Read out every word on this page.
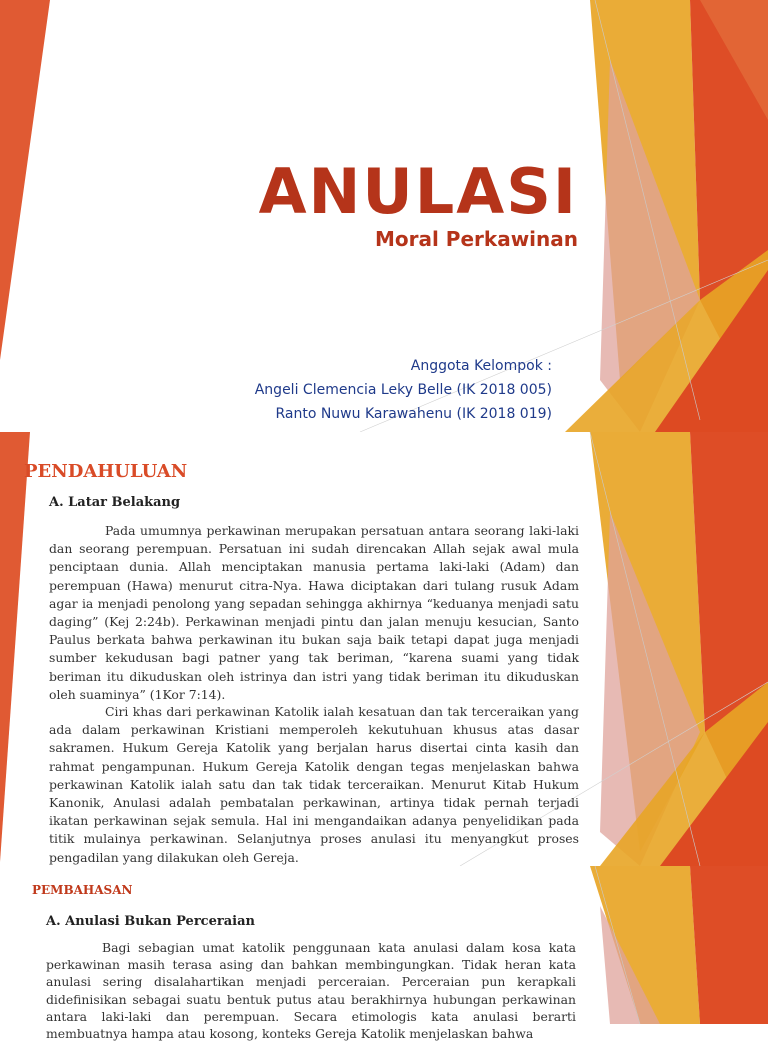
ANULASI
Moral Perkawinan
Anggota Kelompok :
Angeli Clemencia Leky Belle (IK 2018 005)
Ranto Nuwu Karawahenu (IK 2018 019)
PENDAHULUAN
A. Latar Belakang

Pada umumnya perkawinan merupakan persatuan antara seorang laki-laki dan seorang perempuan. Persatuan ini sudah direncakan Allah sejak awal mula penciptaan dunia. Allah menciptakan manusia pertama laki-laki (Adam) dan perempuan (Hawa) menurut citra-Nya. Hawa diciptakan dari tulang rusuk Adam agar ia menjadi penolong yang sepadan sehingga akhirnya “keduanya menjadi satu daging” (Kej 2:24b). Perkawinan menjadi pintu dan jalan menuju kesucian, Santo Paulus berkata bahwa perkawinan itu bukan saja baik tetapi dapat juga menjadi sumber kekudusan bagi patner yang tak beriman, “karena suami yang tidak beriman itu dikuduskan oleh istrinya dan istri yang tidak beriman itu dikuduskan oleh suaminya” (1Kor 7:14).

Ciri khas dari perkawinan Katolik ialah kesatuan dan tak terceraikan yang ada dalam perkawinan Kristiani memperoleh kekutuhuan khusus atas dasar sakramen. Hukum Gereja Katolik yang berjalan harus disertai cinta kasih dan rahmat pengampunan. Hukum Gereja Katolik dengan tegas menjelaskan bahwa perkawinan Katolik ialah satu dan tak tidak terceraikan. Menurut Kitab Hukum Kanonik, Anulasi adalah pembatalan perkawinan, artinya tidak pernah terjadi ikatan perkawinan sejak semula. Hal ini mengandaikan adanya penyelidikan pada titik mulainya perkawinan. Selanjutnya proses anulasi itu menyangkut proses pengadilan yang dilakukan oleh Gereja.

PEMBAHASAN
A. Anulasi Bukan Perceraian

Bagi sebagian umat katolik penggunaan kata anulasi dalam kosa kata perkawinan masih terasa asing dan bahkan membingungkan. Tidak heran kata anulasi sering disalahartikan menjadi perceraian. Perceraian pun kerapkali didefinisikan sebagai suatu bentuk putus atau berakhirnya hubungan perkawinan antara laki-laki dan perempuan. Secara etimologis kata anulasi berarti membuatnya hampa atau kosong, konteks Gereja Katolik menjelaskan bahwa
